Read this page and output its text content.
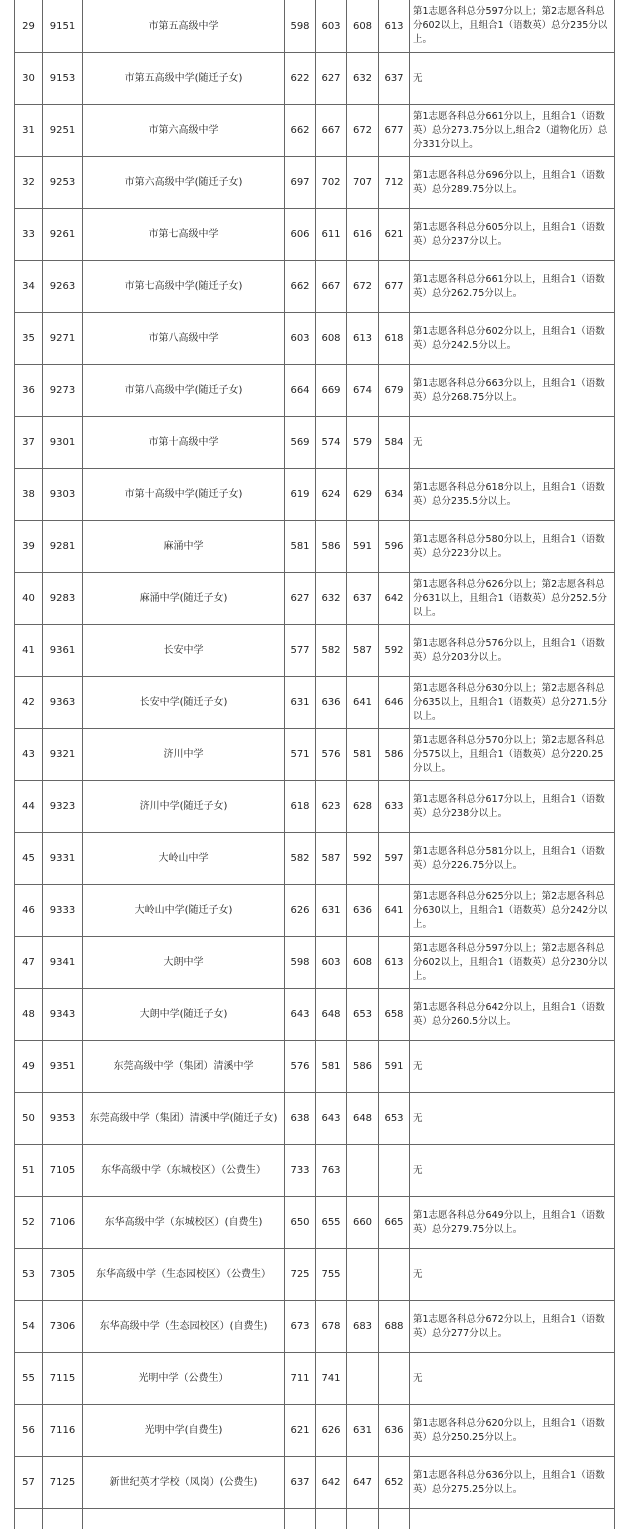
29	9151	市第五高级中学	598	603	608	613	第1志愿各科总分597分以上；第2志愿各科总分602以上，且组合1（语数英）总分235分以上。
30	9153	市第五高级中学(随迁子女)	622	627	632	637	无
31	9251	市第六高级中学	662	667	672	677	第1志愿各科总分661分以上，且组合1（语数英）总分273.75分以上,组合2（道物化历）总分331分以上。
32	9253	市第六高级中学(随迁子女)	697	702	707	712	第1志愿各科总分696分以上，且组合1（语数英）总分289.75分以上。
33	9261	市第七高级中学	606	611	616	621	第1志愿各科总分605分以上，且组合1（语数英）总分237分以上。
34	9263	市第七高级中学(随迁子女)	662	667	672	677	第1志愿各科总分661分以上，且组合1（语数英）总分262.75分以上。
35	9271	市第八高级中学	603	608	613	618	第1志愿各科总分602分以上，且组合1（语数英）总分242.5分以上。
36	9273	市第八高级中学(随迁子女)	664	669	674	679	第1志愿各科总分663分以上，且组合1（语数英）总分268.75分以上。
37	9301	市第十高级中学	569	574	579	584	无
38	9303	市第十高级中学(随迁子女)	619	624	629	634	第1志愿各科总分618分以上，且组合1（语数英）总分235.5分以上。
39	9281	麻涌中学	581	586	591	596	第1志愿各科总分580分以上，且组合1（语数英）总分223分以上。
40	9283	麻涌中学(随迁子女)	627	632	637	642	第1志愿各科总分626分以上；第2志愿各科总分631以上，且组合1（语数英）总分252.5分以上。
41	9361	长安中学	577	582	587	592	第1志愿各科总分576分以上，且组合1（语数英）总分203分以上。
42	9363	长安中学(随迁子女)	631	636	641	646	第1志愿各科总分630分以上；第2志愿各科总分635以上，且组合1（语数英）总分271.5分以上。
43	9321	济川中学	571	576	581	586	第1志愿各科总分570分以上；第2志愿各科总分575以上，且组合1（语数英）总分220.25分以上。
44	9323	济川中学(随迁子女)	618	623	628	633	第1志愿各科总分617分以上，且组合1（语数英）总分238分以上。
45	9331	大岭山中学	582	587	592	597	第1志愿各科总分581分以上，且组合1（语数英）总分226.75分以上。
46	9333	大岭山中学(随迁子女)	626	631	636	641	第1志愿各科总分625分以上；第2志愿各科总分630以上，且组合1（语数英）总分242分以上。
47	9341	大朗中学	598	603	608	613	第1志愿各科总分597分以上；第2志愿各科总分602以上，且组合1（语数英）总分230分以上。
48	9343	大朗中学(随迁子女)	643	648	653	658	第1志愿各科总分642分以上，且组合1（语数英）总分260.5分以上。
49	9351	东莞高级中学（集团）清溪中学	576	581	586	591	无
50	9353	东莞高级中学（集团）清溪中学(随迁子女)	638	643	648	653	无
51	7105	东华高级中学（东城校区）（公费生）	733	763			无
52	7106	东华高级中学（东城校区）(自费生)	650	655	660	665	第1志愿各科总分649分以上，且组合1（语数英）总分279.75分以上。
53	7305	东华高级中学（生态园校区）（公费生）	725	755			无
54	7306	东华高级中学（生态园校区）(自费生)	673	678	683	688	第1志愿各科总分672分以上，且组合1（语数英）总分277分以上。
55	7115	光明中学（公费生）	711	741			无
56	7116	光明中学(自费生)	621	626	631	636	第1志愿各科总分620分以上，且组合1（语数英）总分250.25分以上。
57	7125	新世纪英才学校（凤岗）(公费生)	637	642	647	652	第1志愿各科总分636分以上，且组合1（语数英）总分275.25分以上。
